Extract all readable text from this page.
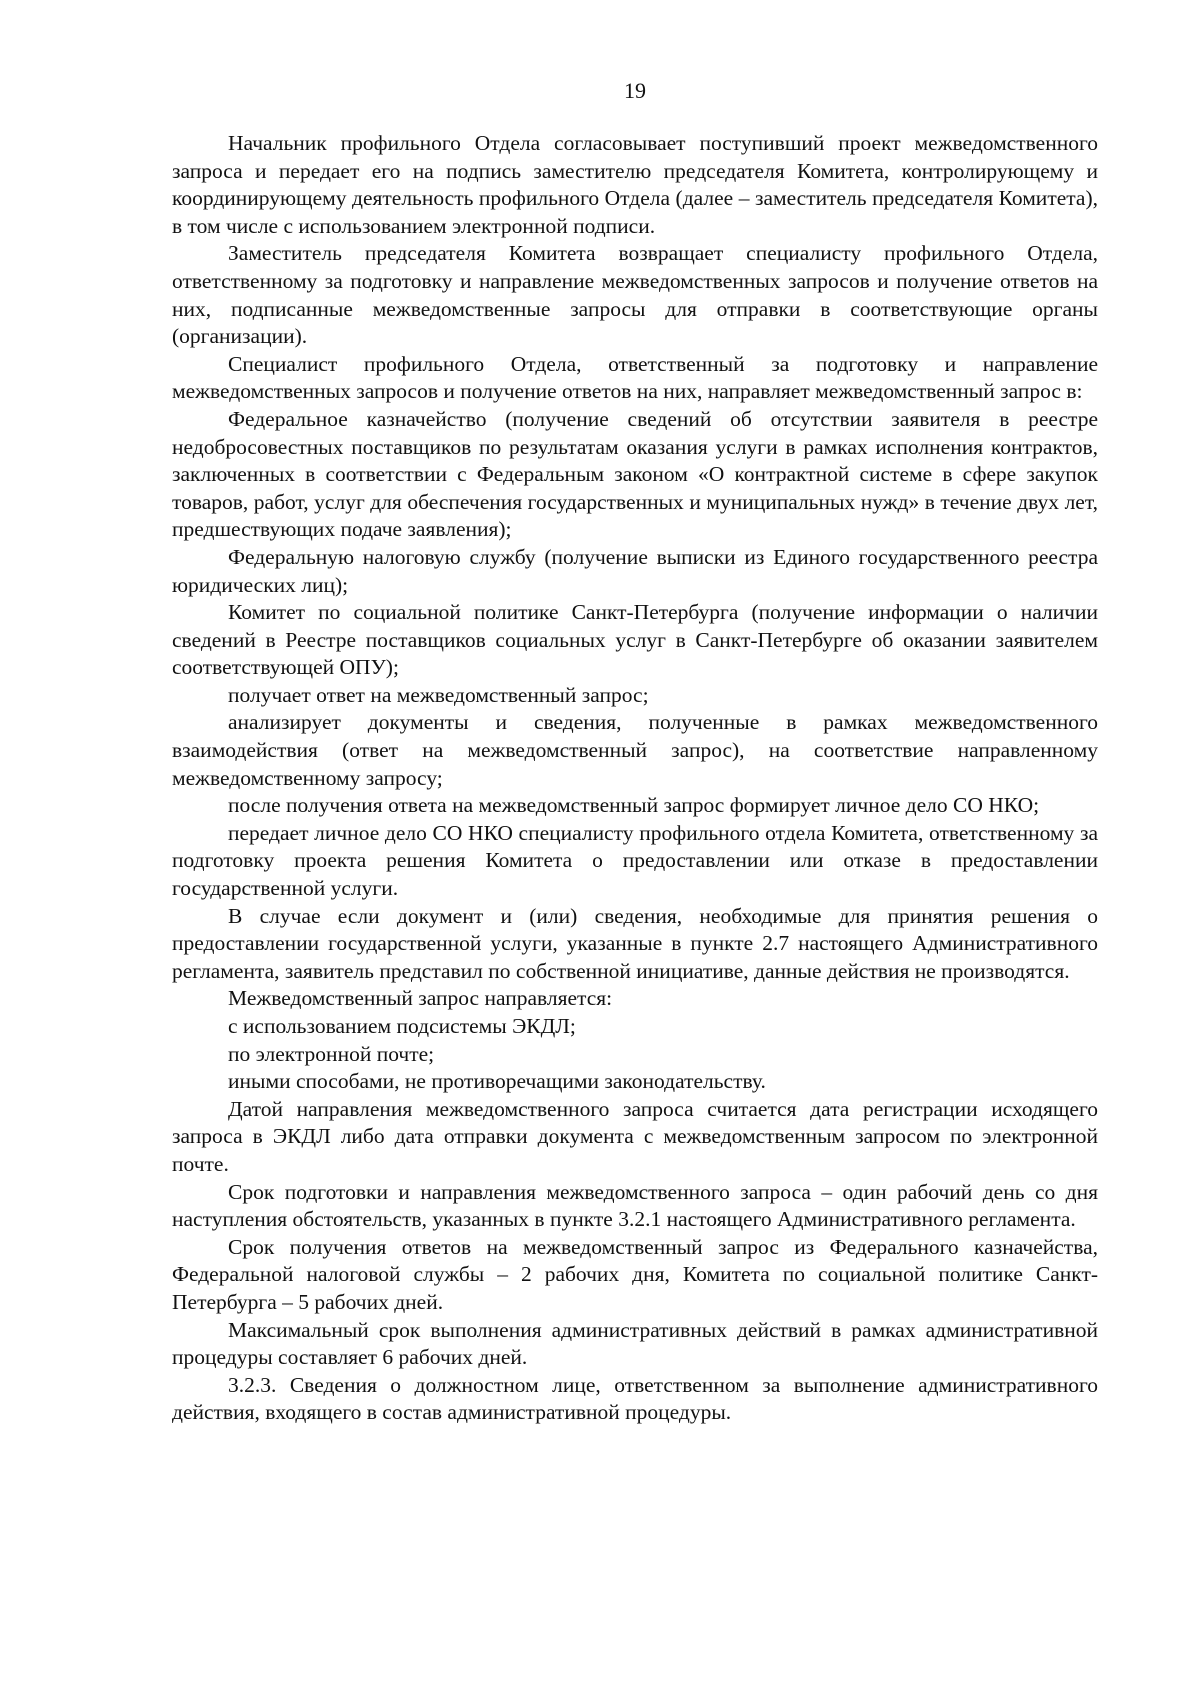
19

Начальник профильного Отдела согласовывает поступивший проект межведомственного запроса и передает его на подпись заместителю председателя Комитета, контролирующему и координирующему деятельность профильного Отдела (далее – заместитель председателя Комитета), в том числе с использованием электронной подписи.

Заместитель председателя Комитета возвращает специалисту профильного Отдела, ответственному за подготовку и направление межведомственных запросов и получение ответов на них, подписанные межведомственные запросы для отправки в соответствующие органы (организации).

Специалист профильного Отдела, ответственный за подготовку и направление межведомственных запросов и получение ответов на них, направляет межведомственный запрос в:

Федеральное казначейство (получение сведений об отсутствии заявителя в реестре недобросовестных поставщиков по результатам оказания услуги в рамках исполнения контрактов, заключенных в соответствии с Федеральным законом «О контрактной системе в сфере закупок товаров, работ, услуг для обеспечения государственных и муниципальных нужд» в течение двух лет, предшествующих подаче заявления);

Федеральную налоговую службу (получение выписки из Единого государственного реестра юридических лиц);

Комитет по социальной политике Санкт-Петербурга (получение информации о наличии сведений в Реестре поставщиков социальных услуг в Санкт-Петербурге об оказании заявителем соответствующей ОПУ);

получает ответ на межведомственный запрос;

анализирует документы и сведения, полученные в рамках межведомственного взаимодействия (ответ на межведомственный запрос), на соответствие направленному межведомственному запросу;

после получения ответа на межведомственный запрос формирует личное дело СО НКО;

передает личное дело СО НКО специалисту профильного отдела Комитета, ответственному за подготовку проекта решения Комитета о предоставлении или отказе в предоставлении государственной услуги.

В случае если документ и (или) сведения, необходимые для принятия решения о предоставлении государственной услуги, указанные в пункте 2.7 настоящего Административного регламента, заявитель представил по собственной инициативе, данные действия не производятся.

Межведомственный запрос направляется:

с использованием подсистемы ЭКДЛ;

по электронной почте;

иными способами, не противоречащими законодательству.

Датой направления межведомственного запроса считается дата регистрации исходящего запроса в ЭКДЛ либо дата отправки документа с межведомственным запросом по электронной почте.

Срок подготовки и направления межведомственного запроса – один рабочий день со дня наступления обстоятельств, указанных в пункте 3.2.1 настоящего Административного регламента.

Срок получения ответов на межведомственный запрос из Федерального казначейства, Федеральной налоговой службы – 2 рабочих дня, Комитета по социальной политике Санкт-Петербурга – 5 рабочих дней.

Максимальный срок выполнения административных действий в рамках административной процедуры составляет 6 рабочих дней.

3.2.3. Сведения о должностном лице, ответственном за выполнение административного действия, входящего в состав административной процедуры.
